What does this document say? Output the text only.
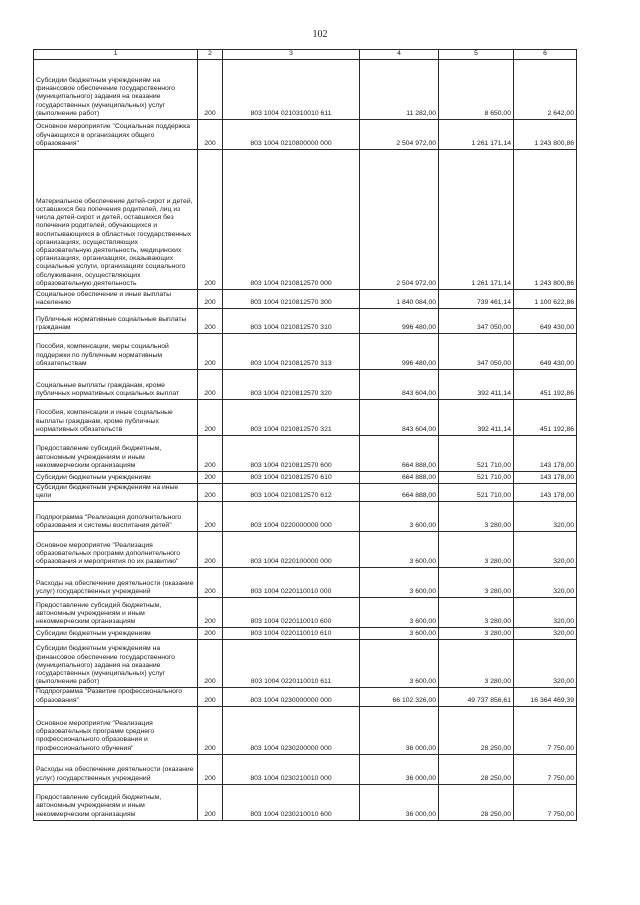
102
1	2	3	4	5	6

Субсидии бюджетным учреждениям на финансовое обеспечение государственного (муниципального) задания на оказание государственных (муниципальных) услуг (выполнение работ)	200	803 1004 0210310010 611	11 282,00	8 650,00	2 642,00

Основное мероприятие "Социальная поддержка обучающихся в организациях общего образования"	200	803 1004 0210800000 000	2 504 972,00	1 261 171,14	1 243 800,86

Материальное обеспечение детей-сирот и детей, оставшихся без попечения родителей, лиц из числа детей-сирот и детей, оставшихся без попечения родителей, обучающихся и воспитывающихся в областных государственных организациях, осуществляющих образовательную деятельность, медицинских организациях, организациях, оказывающих социальные услуги, организациях социального обслуживания, осуществляющих образовательную деятельность	200	803 1004 0210812570 000	2 504 972,00	1 261 171,14	1 243 800,86

Социальное обеспечение и иные выплаты населению	200	803 1004 0210812570 300	1 840 084,00	739 461,14	1 100 622,86

Публичные нормативные социальные выплаты гражданам	200	803 1004 0210812570 310	996 480,00	347 050,00	649 430,00

Пособия, компенсации, меры социальной поддержки по публичным нормативным обязательствам	200	803 1004 0210812570 313	996 480,00	347 050,00	649 430,00

Социальные выплаты гражданам, кроме публичных нормативных социальных выплат	200	803 1004 0210812570 320	843 604,00	392 411,14	451 192,86

Пособия, компенсации и иные социальные выплаты гражданам, кроме публичных нормативных обязательств	200	803 1004 0210812570 321	843 604,00	392 411,14	451 192,86

Предоставление субсидий бюджетным, автономным учреждениям и иным некоммерческим организациям	200	803 1004 0210812570 600	664 888,00	521 710,00	143 178,00

Субсидии бюджетным учреждениям	200	803 1004 0210812570 610	664 888,00	521 710,00	143 178,00

Субсидии бюджетным учреждениям на иные цели	200	803 1004 0210812570 612	664 888,00	521 710,00	143 178,00

Подпрограмма "Реализация дополнительного образования и системы воспитания детей"	200	803 1004 0220000000 000	3 600,00	3 280,00	320,00

Основное мероприятие "Реализация образовательных программ дополнительного образования и мероприятия по их развитию"	200	803 1004 0220100000 000	3 600,00	3 280,00	320,00

Расходы на обеспечение деятельности (оказание услуг) государственных учреждений	200	803 1004 0220110010 000	3 600,00	3 280,00	320,00

Предоставление субсидий бюджетным, автономным учреждениям и иным некоммерческим организациям	200	803 1004 0220110010 600	3 600,00	3 280,00	320,00

Субсидии бюджетным учреждениям	200	803 1004 0220110010 610	3 600,00	3 280,00	320,00

Субсидии бюджетным учреждениям на финансовое обеспечение государственного (муниципального) задания на оказание государственных (муниципальных) услуг (выполнение работ)	200	803 1004 0220110010 611	3 600,00	3 280,00	320,00

Подпрограмма "Развитие профессионального образования"	200	803 1004 0230000000 000	66 102 326,00	49 737 856,61	16 364 469,39

Основное мероприятие "Реализация образовательных программ среднего профессионального образования и профессионального обучения"	200	803 1004 0230200000 000	36 000,00	28 250,00	7 750,00

Расходы на обеспечение деятельности (оказание услуг) государственных учреждений	200	803 1004 0230210010 000	36 000,00	28 250,00	7 750,00

Предоставление субсидий бюджетным, автономным учреждениям и иным некоммерческим организациям	200	803 1004 0230210010 600	36 000,00	28 250,00	7 750,00
